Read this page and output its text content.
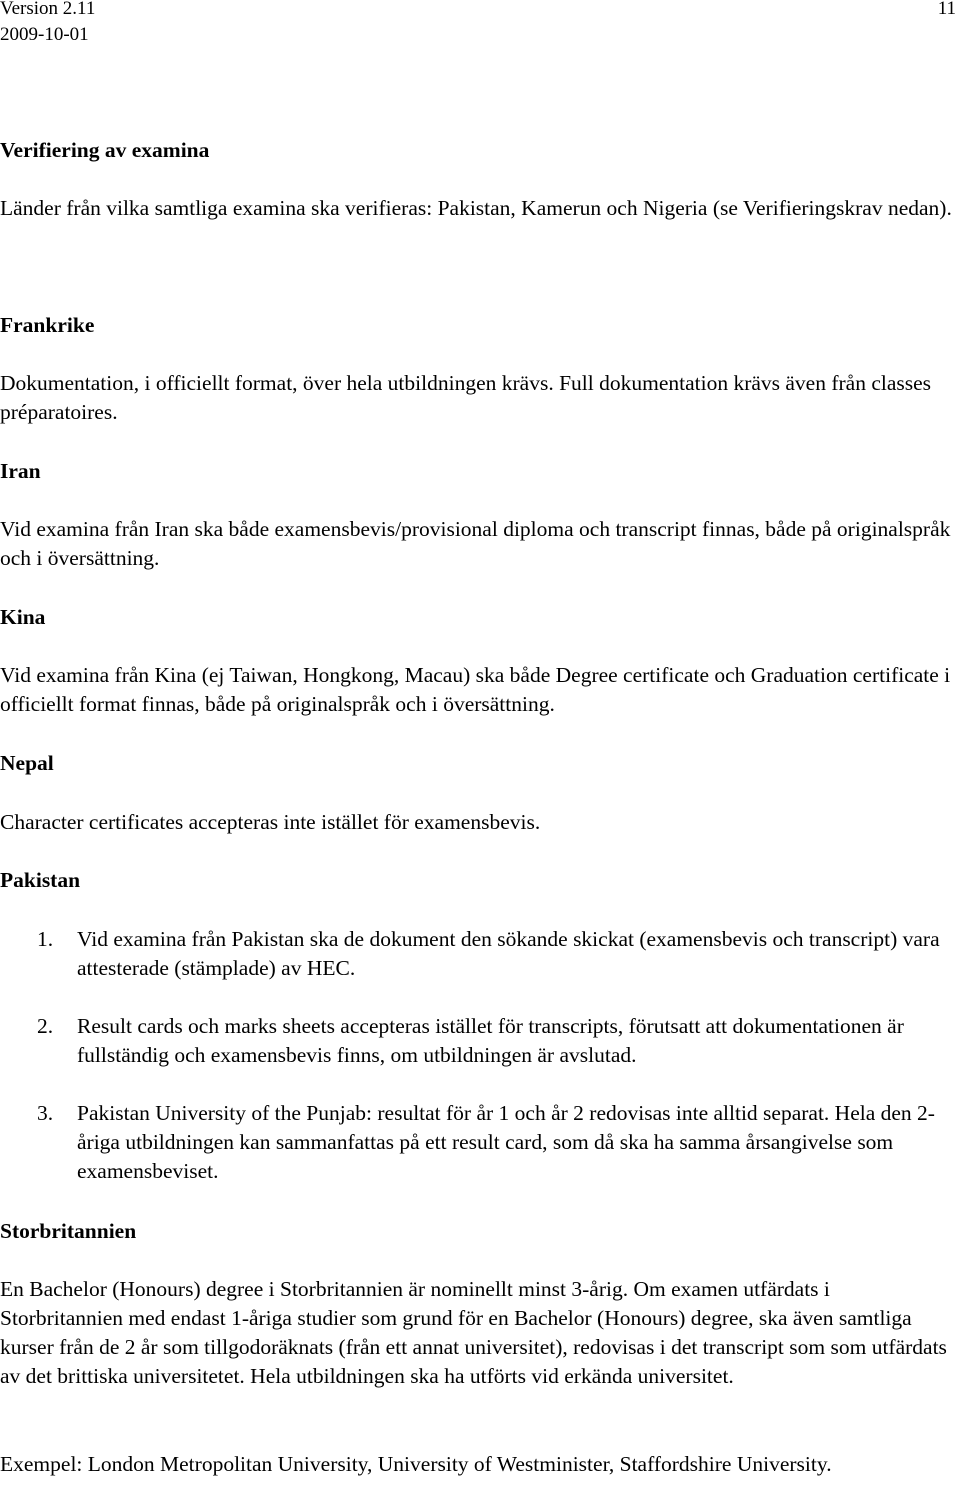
Version 2.11
2009-10-01
11
Verifiering av examina
Länder från vilka samtliga examina ska verifieras: Pakistan, Kamerun och Nigeria (se Verifieringskrav nedan).
Frankrike
Dokumentation, i officiellt format, över hela utbildningen krävs. Full dokumentation krävs även från classes préparatoires.
Iran
Vid examina från Iran ska både examensbevis/provisional diploma och transcript finnas, både på originalspråk och i översättning.
Kina
Vid examina från Kina (ej Taiwan, Hongkong, Macau) ska både Degree certificate och Graduation certificate i officiellt format finnas, både på originalspråk och i översättning.
Nepal
Character certificates accepteras inte istället för examensbevis.
Pakistan
1.	Vid examina från Pakistan ska de dokument den sökande skickat (examensbevis och transcript) vara attesterade (stämplade) av HEC.
2.	Result cards och marks sheets accepteras istället för transcripts, förutsatt att dokumentationen är fullständig och examensbevis finns, om utbildningen är avslutad.
3.	Pakistan University of the Punjab: resultat för år 1 och år 2 redovisas inte alltid separat. Hela den 2-åriga utbildningen kan sammanfattas på ett result card, som då ska ha samma årsangivelse som examensbeviset.
Storbritannien
En Bachelor (Honours) degree i Storbritannien är nominellt minst 3-årig. Om examen utfärdats i Storbritannien med endast 1-åriga studier som grund för en Bachelor (Honours) degree, ska även samtliga kurser från de 2 år som tillgodoräknats (från ett annat universitet), redovisas i det transcript som som utfärdats av det brittiska universitetet. Hela utbildningen ska ha utförts vid erkända universitet.
Exempel: London Metropolitan University, University of Westminister, Staffordshire University.
